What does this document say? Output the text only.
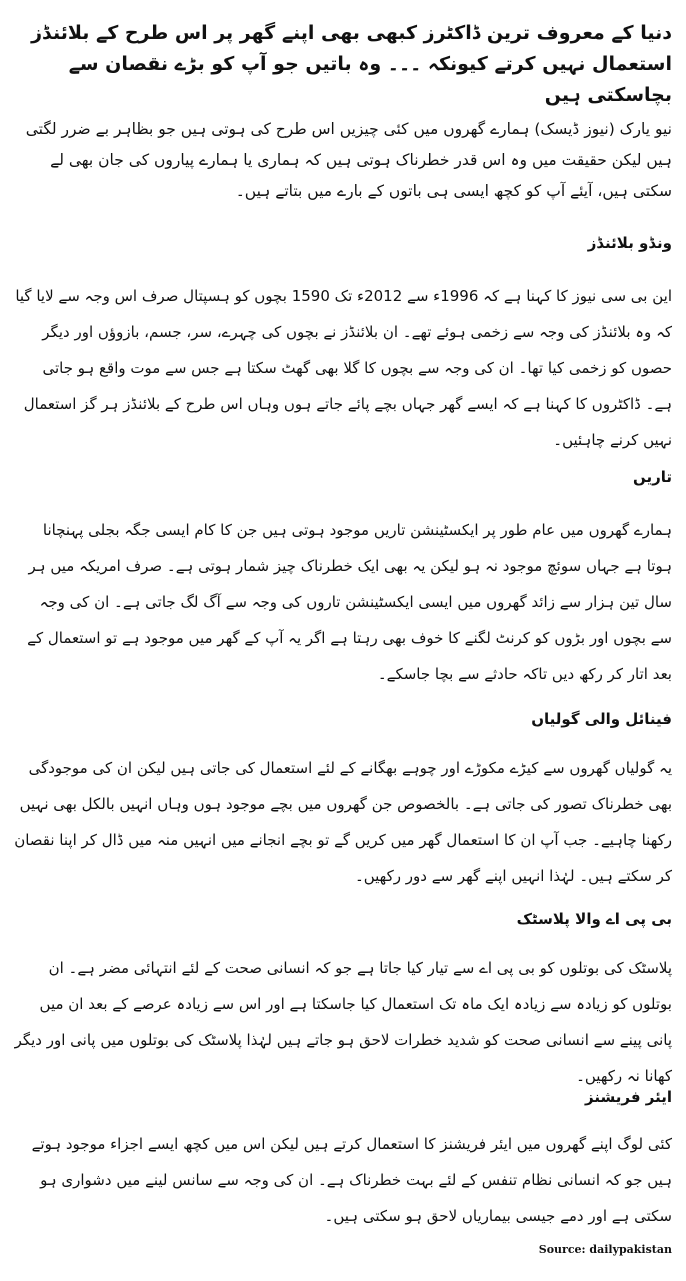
دنیا کے معروف ترین ڈاکٹرز کبھی بھی اپنے گھر پر اس طرح کے بلائنڈز استعمال نہیں کرتے کیونکہ ۔۔۔ وہ باتیں جو آپ کو بڑے نقصان سے بچاسکتی ہیں

نیو یارک (نیوز ڈیسک) ہمارے گھروں میں کئی چیزیں اس طرح کی ہوتی ہیں جو بظاہر بے ضرر لگتی ہیں لیکن حقیقت میں وہ اس قدر خطرناک ہوتی ہیں کہ ہماری یا ہمارے پیاروں کی جان بھی لے سکتی ہیں، آیئے آپ کو کچھ ایسی ہی باتوں کے بارے میں بتاتے ہیں۔

ونڈو بلائنڈز

این بی سی نیوز کا کہنا ہے کہ 1996ء سے 2012ء تک 1590 بچوں کو ہسپتال صرف اس وجہ سے لایا گیا کہ وہ بلائنڈز کی وجہ سے زخمی ہوئے تھے۔ ان بلائنڈز نے بچوں کی چہرے، سر، جسم، بازوؤں اور دیگر حصوں کو زخمی کیا تھا۔ ان کی وجہ سے بچوں کا گلا بھی گھٹ سکتا ہے جس سے موت واقع ہو جاتی ہے۔ ڈاکٹروں کا کہنا ہے کہ ایسے گھر جہاں بچے پائے جاتے ہوں وہاں اس طرح کے بلائنڈز ہر گز استعمال نہیں کرنے چاہئیں۔

تاریں

ہمارے گھروں میں عام طور پر ایکسٹینشن تاریں موجود ہوتی ہیں جن کا کام ایسی جگہ بجلی پہنچانا ہوتا ہے جہاں سوئچ موجود نہ ہو لیکن یہ بھی ایک خطرناک چیز شمار ہوتی ہے۔ صرف امریکہ میں ہر سال تین ہزار سے زائد گھروں میں ایسی ایکسٹینشن تاروں کی وجہ سے آگ لگ جاتی ہے۔ ان کی وجہ سے بچوں اور بڑوں کو کرنٹ لگنے کا خوف بھی رہتا ہے اگر یہ آپ کے گھر میں موجود ہے تو استعمال کے بعد اتار کر رکھ دیں تاکہ حادثے سے بچا جاسکے۔

فینائل والی گولیاں

یہ گولیاں گھروں سے کیڑے مکوڑے اور چوہے بھگانے کے لئے استعمال کی جاتی ہیں لیکن ان کی موجودگی بھی خطرناک تصور کی جاتی ہے۔ بالخصوص جن گھروں میں بچے موجود ہوں وہاں انہیں بالکل بھی نہیں رکھنا چاہیے۔ جب آپ ان کا استعمال گھر میں کریں گے تو بچے انجانے میں انہیں منہ میں ڈال کر اپنا نقصان کر سکتے ہیں۔ لہٰذا انہیں اپنے گھر سے دور رکھیں۔

بی پی اے والا پلاسٹک

پلاسٹک کی بوتلوں کو بی پی اے سے تیار کیا جاتا ہے جو کہ انسانی صحت کے لئے انتہائی مضر ہے۔ ان بوتلوں کو زیادہ سے زیادہ ایک ماہ تک استعمال کیا جاسکتا ہے اور اس سے زیادہ عرصے کے بعد ان میں پانی پینے سے انسانی صحت کو شدید خطرات لاحق ہو جاتے ہیں لہٰذا پلاسٹک کی بوتلوں میں پانی اور دیگر کھانا نہ رکھیں۔

ایئر فریشنز

کئی لوگ اپنے گھروں میں ایئر فریشنز کا استعمال کرتے ہیں لیکن اس میں کچھ ایسے اجزاء موجود ہوتے ہیں جو کہ انسانی نظام تنفس کے لئے بہت خطرناک ہے۔ ان کی وجہ سے سانس لینے میں دشواری ہو سکتی ہے اور دمے جیسی بیماریاں لاحق ہو سکتی ہیں۔

Source: dailypakistan
